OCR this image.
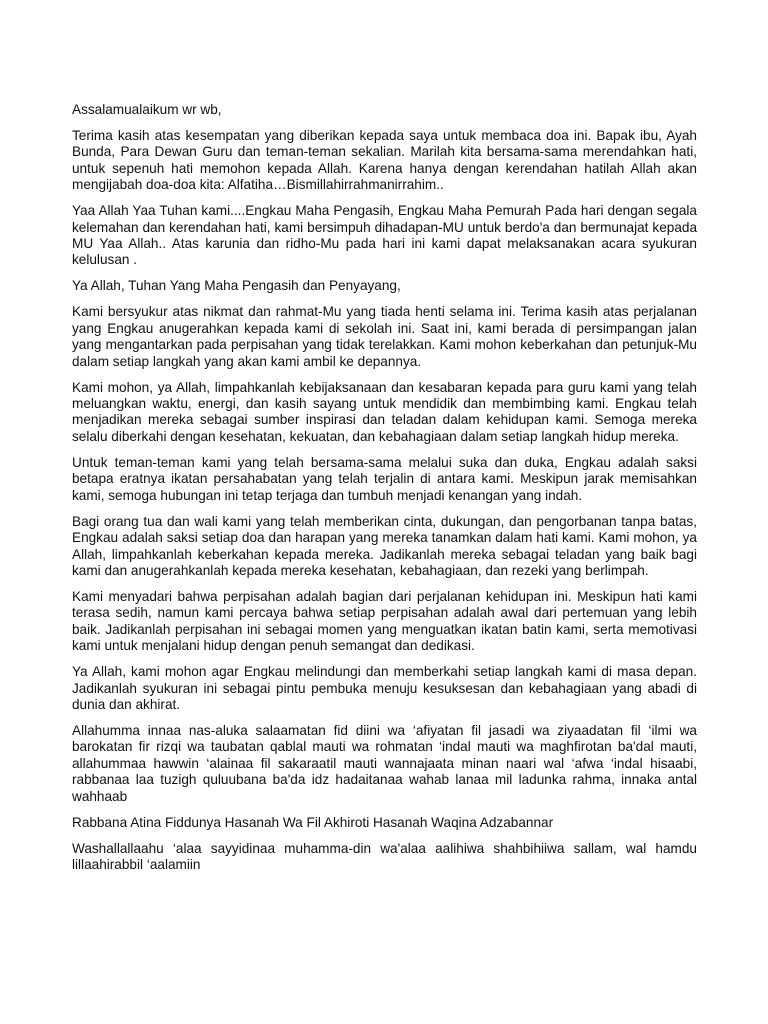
Assalamualaikum wr wb,

Terima kasih atas kesempatan yang diberikan kepada saya untuk membaca doa ini. Bapak ibu, Ayah Bunda, Para Dewan Guru dan teman-teman sekalian. Marilah kita bersama-sama merendahkan hati, untuk sepenuh hati memohon kepada Allah. Karena hanya dengan kerendahan hatilah Allah akan mengijabah doa-doa kita: Alfatiha…Bismillahirrahmanirrahim..

Yaa Allah Yaa Tuhan kami....Engkau Maha Pengasih, Engkau Maha Pemurah Pada hari dengan segala kelemahan dan kerendahan hati, kami bersimpuh dihadapan-MU untuk berdo'a dan bermunajat kepada MU Yaa Allah.. Atas karunia dan ridho-Mu pada hari ini kami dapat melaksanakan acara syukuran kelulusan .

Ya Allah, Tuhan Yang Maha Pengasih dan Penyayang,

Kami bersyukur atas nikmat dan rahmat-Mu yang tiada henti selama ini. Terima kasih atas perjalanan yang Engkau anugerahkan kepada kami di sekolah ini. Saat ini, kami berada di persimpangan jalan yang mengantarkan pada perpisahan yang tidak terelakkan. Kami mohon keberkahan dan petunjuk-Mu dalam setiap langkah yang akan kami ambil ke depannya.

Kami mohon, ya Allah, limpahkanlah kebijaksanaan dan kesabaran kepada para guru kami yang telah meluangkan waktu, energi, dan kasih sayang untuk mendidik dan membimbing kami. Engkau telah menjadikan mereka sebagai sumber inspirasi dan teladan dalam kehidupan kami. Semoga mereka selalu diberkahi dengan kesehatan, kekuatan, dan kebahagiaan dalam setiap langkah hidup mereka.

Untuk teman-teman kami yang telah bersama-sama melalui suka dan duka, Engkau adalah saksi betapa eratnya ikatan persahabatan yang telah terjalin di antara kami. Meskipun jarak memisahkan kami, semoga hubungan ini tetap terjaga dan tumbuh menjadi kenangan yang indah.

Bagi orang tua dan wali kami yang telah memberikan cinta, dukungan, dan pengorbanan tanpa batas, Engkau adalah saksi setiap doa dan harapan yang mereka tanamkan dalam hati kami. Kami mohon, ya Allah, limpahkanlah keberkahan kepada mereka. Jadikanlah mereka sebagai teladan yang baik bagi kami dan anugerahkanlah kepada mereka kesehatan, kebahagiaan, dan rezeki yang berlimpah.

Kami menyadari bahwa perpisahan adalah bagian dari perjalanan kehidupan ini. Meskipun hati kami terasa sedih, namun kami percaya bahwa setiap perpisahan adalah awal dari pertemuan yang lebih baik. Jadikanlah perpisahan ini sebagai momen yang menguatkan ikatan batin kami, serta memotivasi kami untuk menjalani hidup dengan penuh semangat dan dedikasi.

Ya Allah, kami mohon agar Engkau melindungi dan memberkahi setiap langkah kami di masa depan. Jadikanlah syukuran ini sebagai pintu pembuka menuju kesuksesan dan kebahagiaan yang abadi di dunia dan akhirat.

Allahumma innaa nas-aluka salaamatan fid diini wa ‘afiyatan fil jasadi wa ziyaadatan fil ‘ilmi wa barokatan fir rizqi wa taubatan qablal mauti wa rohmatan ‘indal mauti wa maghfirotan ba'dal mauti, allahummaa hawwin ‘alainaa fil sakaraatil mauti wannajaata minan naari wal ‘afwa ‘indal hisaabi, rabbanaa laa tuzigh quluubana ba'da idz hadaitanaa wahab lanaa mil ladunka rahma, innaka antal wahhaab

Rabbana Atina Fiddunya Hasanah Wa Fil Akhiroti Hasanah Waqina Adzabannar

Washallallaahu ‘alaa sayyidinaa muhamma-din wa'alaa aalihiwa shahbihiiwa sallam, wal hamdu lillaahirabbil ‘aalamiin
